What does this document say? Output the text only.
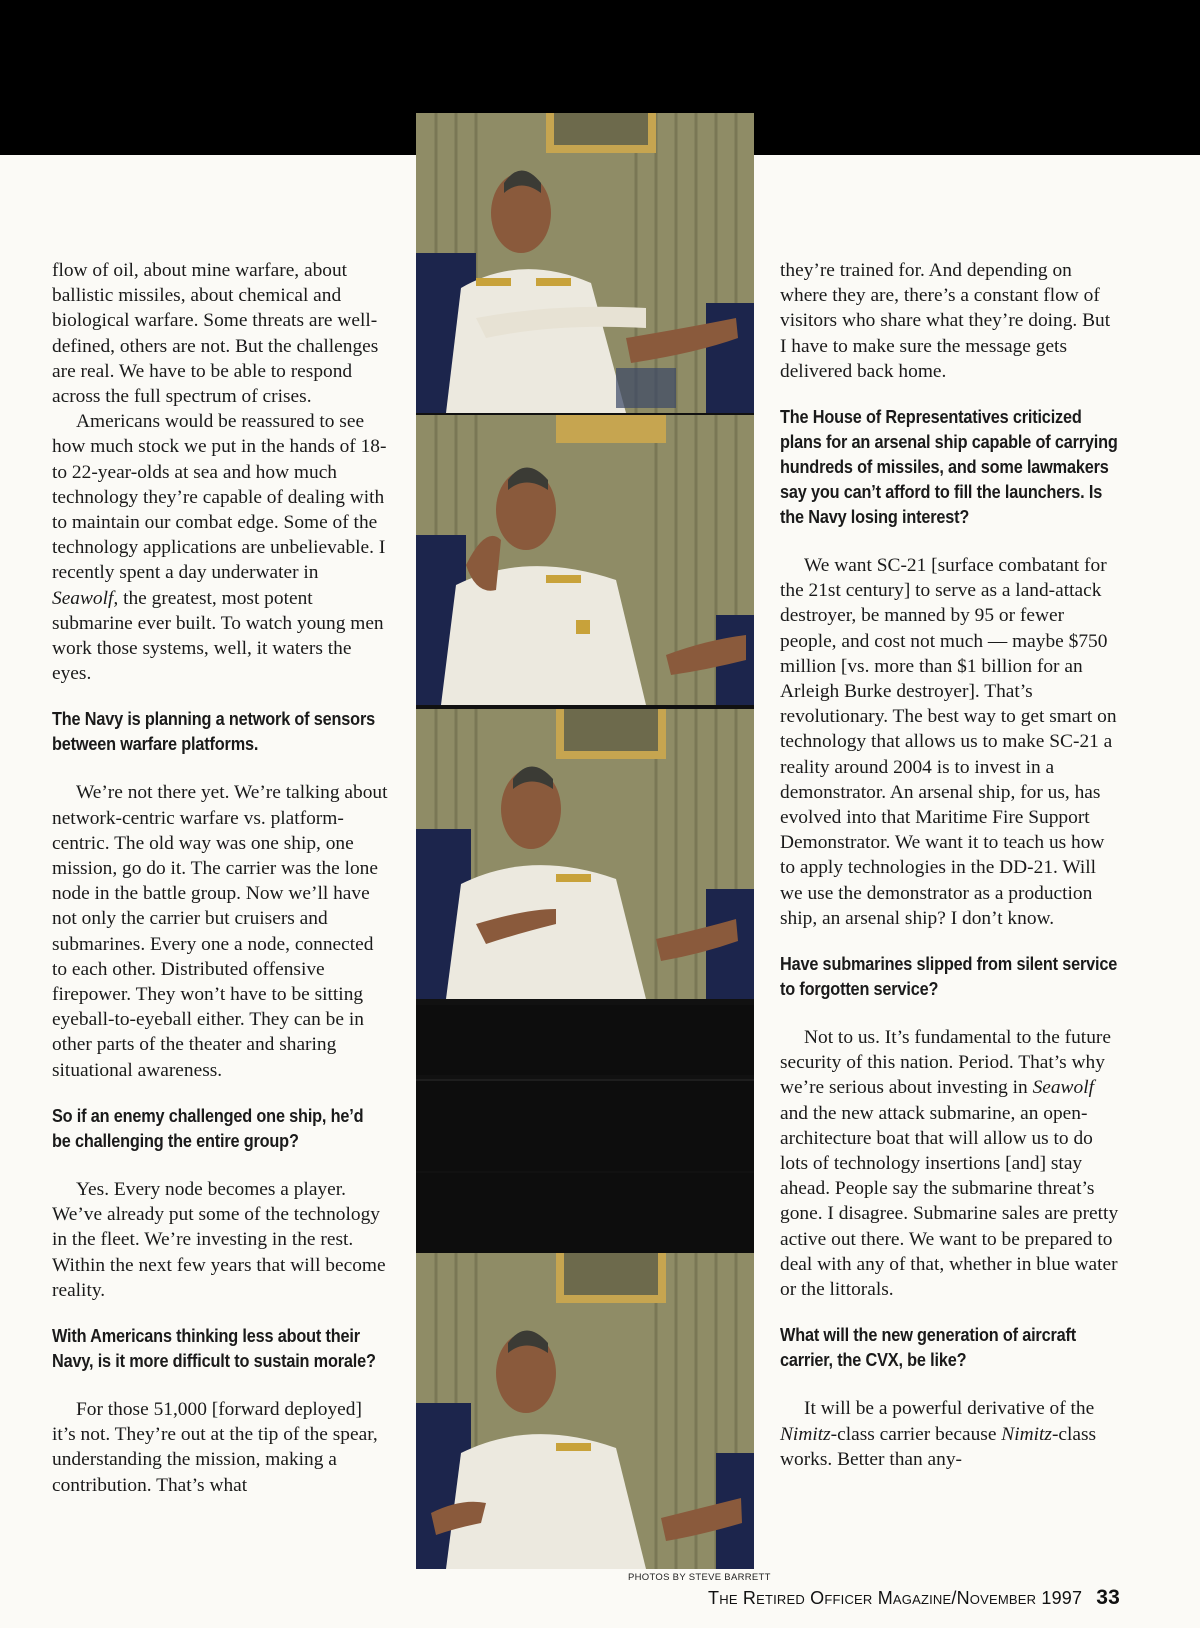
flow of oil, about mine warfare, about ballistic missiles, about chemical and biological warfare. Some threats are well-defined, others are not. But the challenges are real. We have to be able to respond across the full spectrum of crises.

Americans would be reassured to see how much stock we put in the hands of 18- to 22-year-olds at sea and how much technology they’re capable of dealing with to maintain our combat edge. Some of the technology applications are unbelievable. I recently spent a day underwater in Seawolf, the greatest, most potent submarine ever built. To watch young men work those systems, well, it waters the eyes.

The Navy is planning a network of sensors between warfare platforms.

We’re not there yet. We’re talking about network-centric warfare vs. platform-centric. The old way was one ship, one mission, go do it. The carrier was the lone node in the battle group. Now we’ll have not only the carrier but cruisers and submarines. Every one a node, connected to each other. Distributed offensive firepower. They won’t have to be sitting eyeball-to-eyeball either. They can be in other parts of the theater and sharing situational awareness.

So if an enemy challenged one ship, he’d be challenging the entire group?

Yes. Every node becomes a player. We’ve already put some of the technology in the fleet. We’re investing in the rest. Within the next few years that will become reality.

With Americans thinking less about their Navy, is it more difficult to sustain morale?

For those 51,000 [forward deployed] it’s not. They’re out at the tip of the spear, understanding the mission, making a contribution. That’s what

PHOTOS BY STEVE BARRETT

they’re trained for. And depending on where they are, there’s a constant flow of visitors who share what they’re doing. But I have to make sure the message gets delivered back home.

The House of Representatives criticized plans for an arsenal ship capable of carrying hundreds of missiles, and some lawmakers say you can’t afford to fill the launchers. Is the Navy losing interest?

We want SC-21 [surface combatant for the 21st century] to serve as a land-attack destroyer, be manned by 95 or fewer people, and cost not much — maybe $750 million [vs. more than $1 billion for an Arleigh Burke destroyer]. That’s revolutionary. The best way to get smart on technology that allows us to make SC-21 a reality around 2004 is to invest in a demonstrator. An arsenal ship, for us, has evolved into that Maritime Fire Support Demonstrator. We want it to teach us how to apply technologies in the DD-21. Will we use the demonstrator as a production ship, an arsenal ship? I don’t know.

Have submarines slipped from silent service to forgotten service?

Not to us. It’s fundamental to the future security of this nation. Period. That’s why we’re serious about investing in Seawolf and the new attack submarine, an open-architecture boat that will allow us to do lots of technology insertions [and] stay ahead. People say the submarine threat’s gone. I disagree. Submarine sales are pretty active out there. We want to be prepared to deal with any of that, whether in blue water or the littorals.

What will the new generation of aircraft carrier, the CVX, be like?

It will be a powerful derivative of the Nimitz-class carrier because Nimitz-class works. Better than any-

The Retired Officer Magazine/November 1997 33
